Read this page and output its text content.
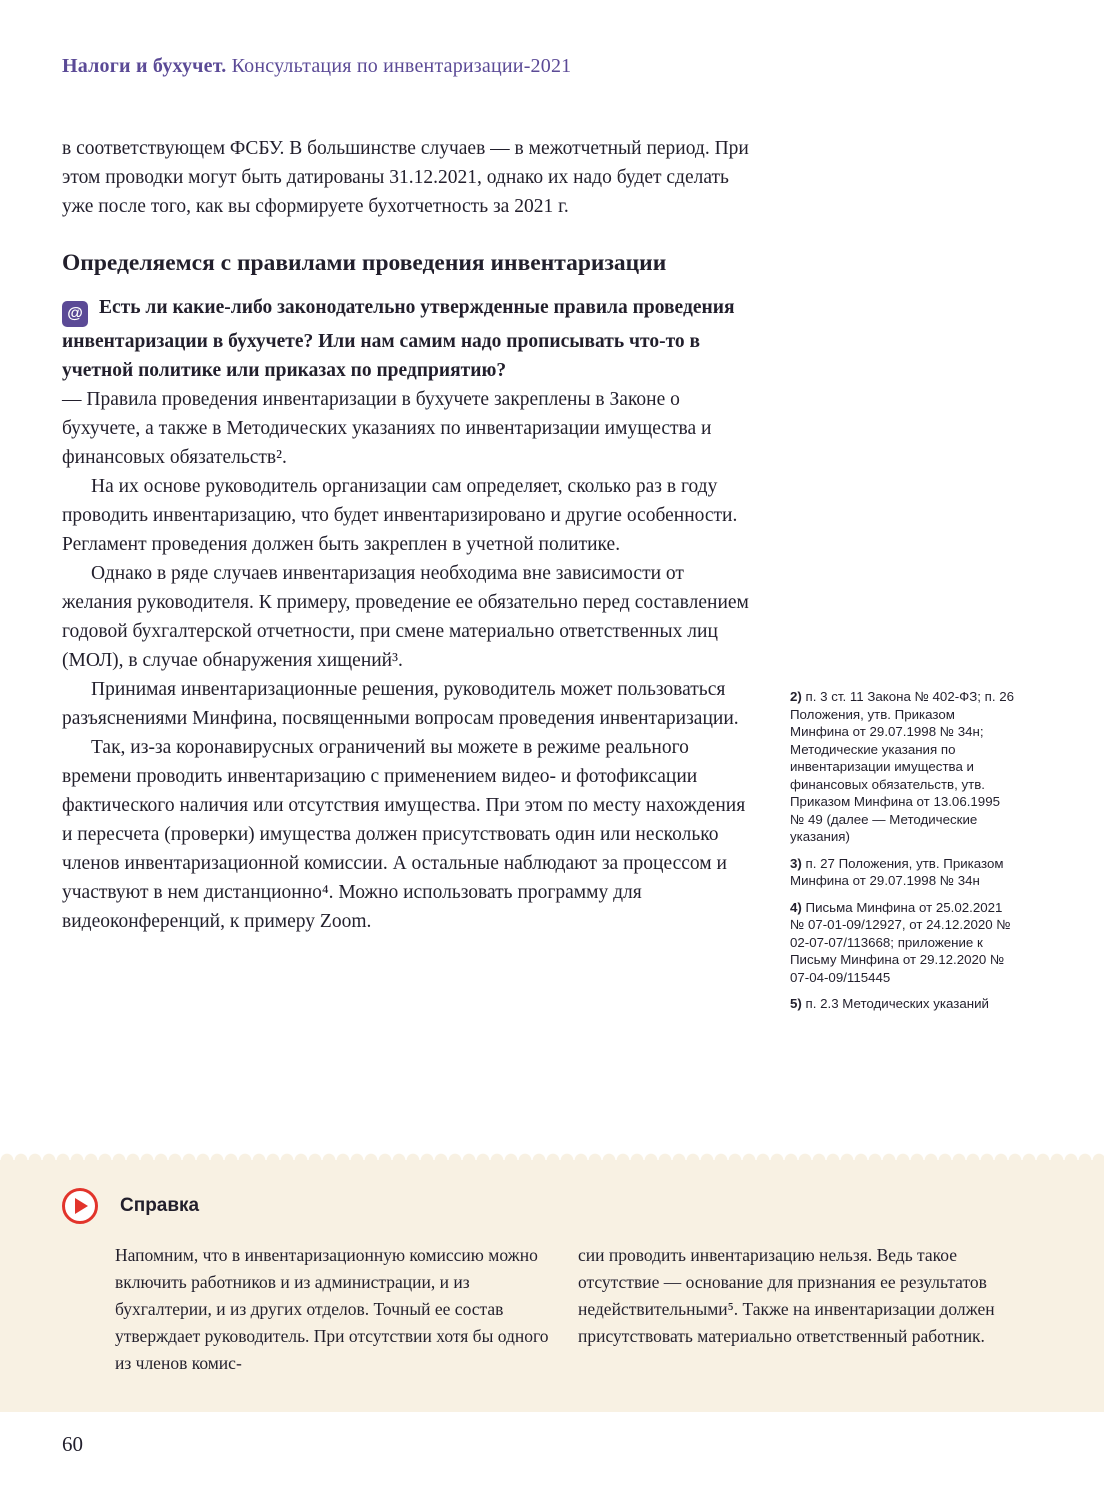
Налоги и бухучет. Консультация по инвентаризации-2021

в соответствующем ФСБУ. В большинстве случаев — в межотчетный период. При этом проводки могут быть датированы 31.12.2021, однако их надо будет сделать уже после того, как вы сформируете бухотчетность за 2021 г.

Определяемся с правилами проведения инвентаризации

@ Есть ли какие-либо законодательно утвержденные правила проведения инвентаризации в бухучете? Или нам самим надо прописывать что-то в учетной политике или приказах по предприятию?

— Правила проведения инвентаризации в бухучете закреплены в Законе о бухучете, а также в Методических указаниях по инвентаризации имущества и финансовых обязательств².

На их основе руководитель организации сам определяет, сколько раз в году проводить инвентаризацию, что будет инвентаризировано и другие особенности. Регламент проведения должен быть закреплен в учетной политике.

Однако в ряде случаев инвентаризация необходима вне зависимости от желания руководителя. К примеру, проведение ее обязательно перед составлением годовой бухгалтерской отчетности, при смене материально ответственных лиц (МОЛ), в случае обнаружения хищений³.

Принимая инвентаризационные решения, руководитель может пользоваться разъяснениями Минфина, посвященными вопросам проведения инвентаризации.

Так, из-за коронавирусных ограничений вы можете в режиме реального времени проводить инвентаризацию с применением видео- и фотофиксации фактического наличия или отсутствия имущества. При этом по месту нахождения и пересчета (проверки) имущества должен присутствовать один или несколько членов инвентаризационной комиссии. А остальные наблюдают за процессом и участвуют в нем дистанционно⁴. Можно использовать программу для видеоконференций, к примеру Zoom.

2) п. 3 ст. 11 Закона № 402-ФЗ; п. 26 Положения, утв. Приказом Минфина от 29.07.1998 № 34н; Методические указания по инвентаризации имущества и финансовых обязательств, утв. Приказом Минфина от 13.06.1995 № 49 (далее — Методические указания)
3) п. 27 Положения, утв. Приказом Минфина от 29.07.1998 № 34н
4) Письма Минфина от 25.02.2021 № 07-01-09/12927, от 24.12.2020 № 02-07-07/113668; приложение к Письму Минфина от 29.12.2020 № 07-04-09/115445
5) п. 2.3 Методических указаний
Справка

Напомним, что в инвентаризационную комиссию можно включить работников и из администрации, и из бухгалтерии, и из других отделов. Точный ее состав утверждает руководитель. При отсутствии хотя бы одного из членов комис-

сии проводить инвентаризацию нельзя. Ведь такое отсутствие — основание для признания ее результатов недействительными⁵. Также на инвентаризации должен присутствовать материально ответственный работник.

60
